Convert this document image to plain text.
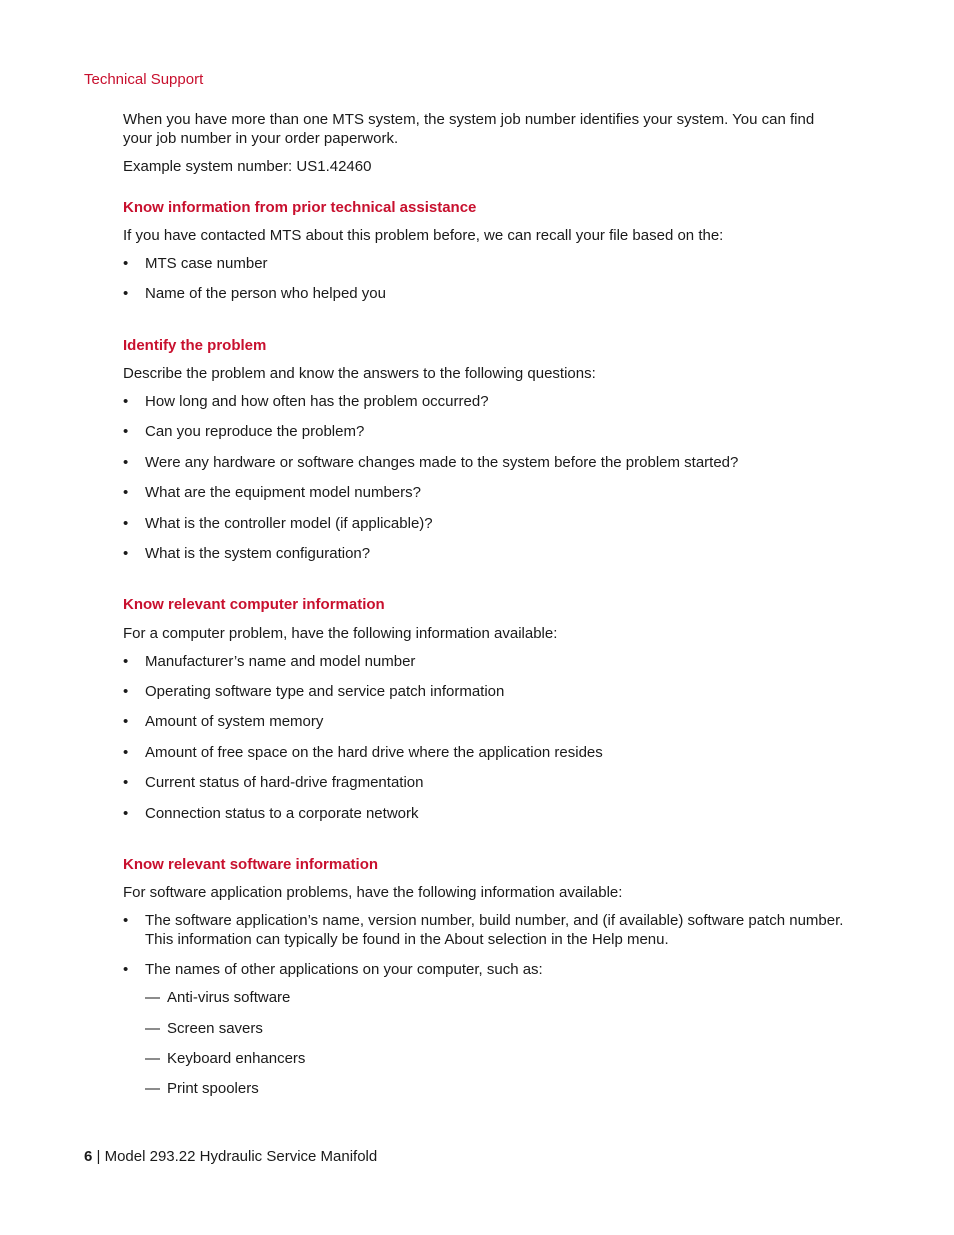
Technical Support

When you have more than one MTS system, the system job number identifies your system. You can find your job number in your order paperwork.

Example system number: US1.42460

Know information from prior technical assistance

If you have contacted MTS about this problem before, we can recall your file based on the:

• MTS case number
• Name of the person who helped you
Identify the problem

Describe the problem and know the answers to the following questions:

• How long and how often has the problem occurred?
• Can you reproduce the problem?
• Were any hardware or software changes made to the system before the problem started?
• What are the equipment model numbers?
• What is the controller model (if applicable)?
• What is the system configuration?
Know relevant computer information

For a computer problem, have the following information available:

• Manufacturer’s name and model number
• Operating software type and service patch information
• Amount of system memory
• Amount of free space on the hard drive where the application resides
• Current status of hard-drive fragmentation
• Connection status to a corporate network
Know relevant software information

For software application problems, have the following information available:

• The software application’s name, version number, build number, and (if available) software patch number. This information can typically be found in the About selection in the Help menu.
• The names of other applications on your computer, such as:
— Anti-virus software
— Screen savers
— Keyboard enhancers
— Print spoolers
6 | Model 293.22 Hydraulic Service Manifold
